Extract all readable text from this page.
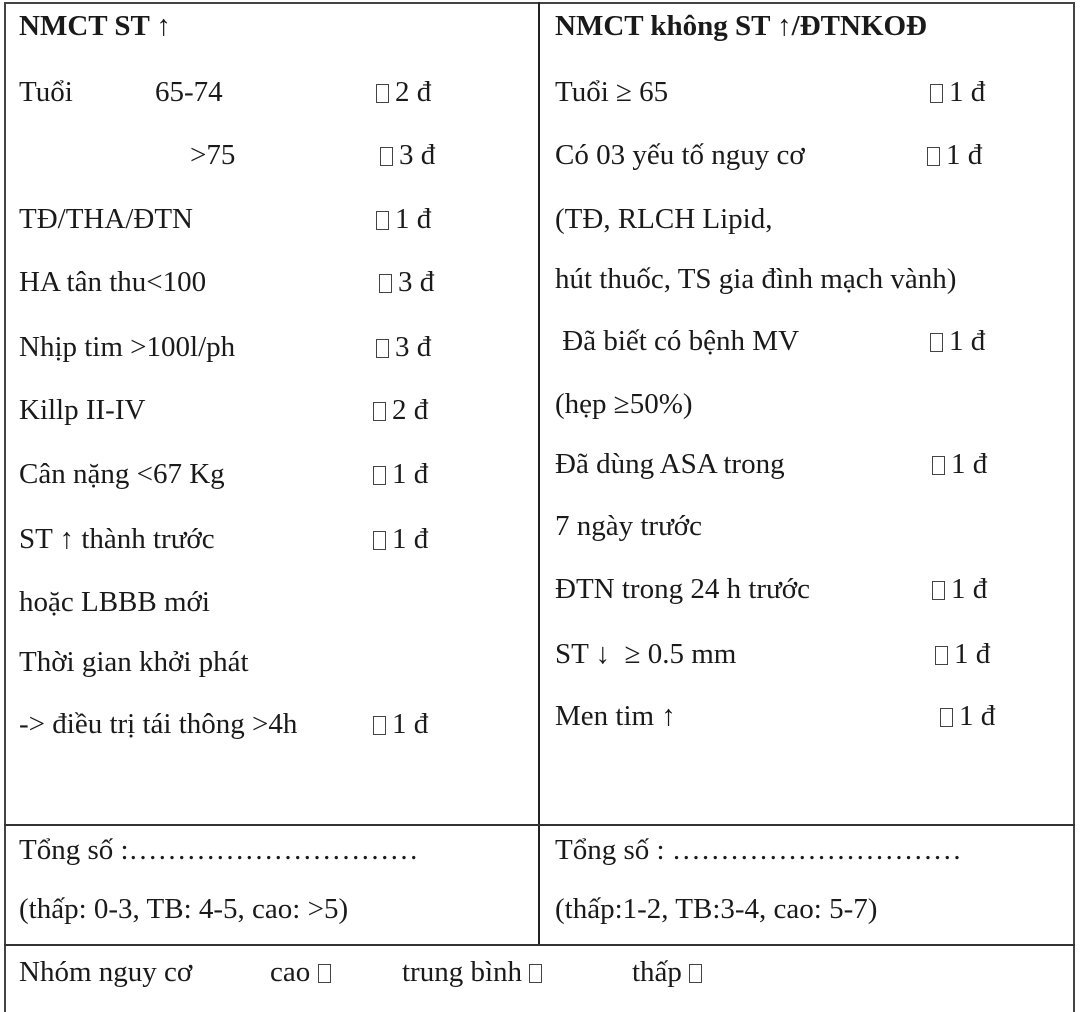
NMCT ST ↑
Tuổi	65-74	2 đ
>75	3 đ
TĐ/THA/ĐTN	1 đ
HA tân thu<100	3 đ
Nhịp tim >100l/ph	3 đ
Killp II-IV	2 đ
Cân nặng <67 Kg	1 đ
ST ↑ thành trước	1 đ
hoặc LBBB mới
Thời gian khởi phát
-> điều trị tái thông >4h	1 đ
Tổng số :…………………………
(thấp: 0-3, TB: 4-5, cao: >5)
NMCT không ST ↑/ĐTNKOĐ
Tuổi ≥ 65	1 đ
Có 03 yếu tố nguy cơ	1 đ
(TĐ, RLCH Lipid,
hút thuốc, TS gia đình mạch vành)
Đã biết có bệnh MV	1 đ
(hẹp ≥50%)
Đã dùng ASA trong	1 đ
7 ngày trước
ĐTN trong 24 h trước	1 đ
ST ↓  ≥ 0.5 mm	1 đ
Men tim ↑	1 đ
Tổng số : …………………………
(thấp:1-2, TB:3-4, cao: 5-7)
Nhóm nguy cơ	cao	trung bình	thấp
